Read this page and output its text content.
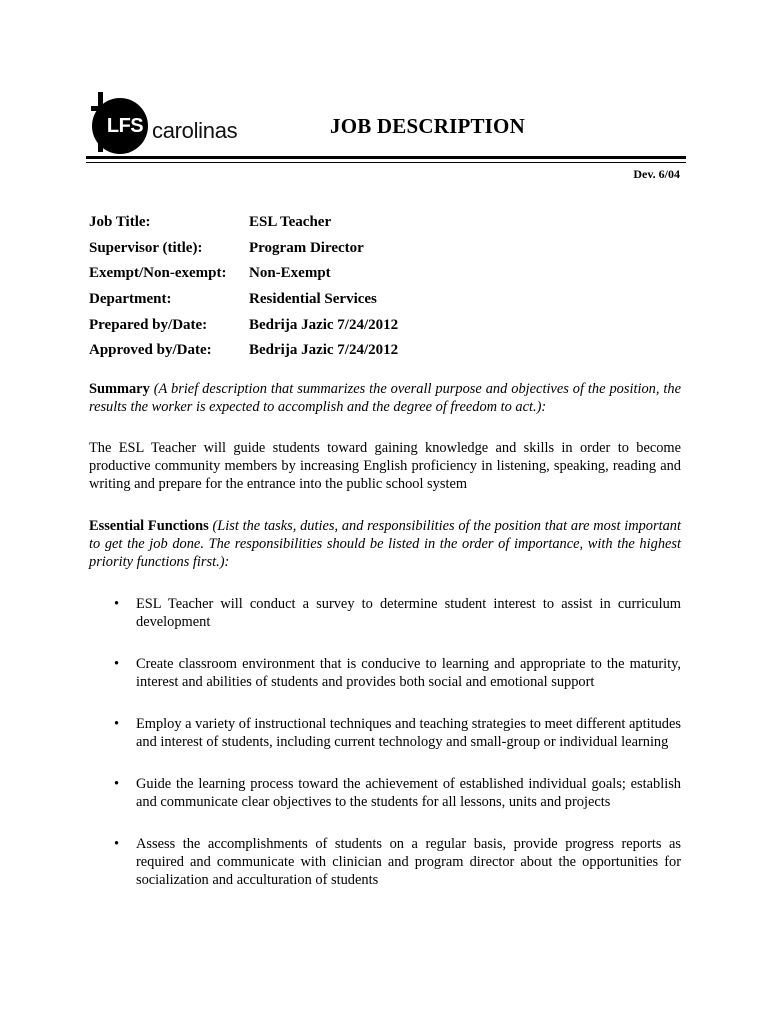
LFS carolinas	JOB DESCRIPTION
Dev. 6/04
Job Title:	ESL Teacher
Supervisor (title):	Program Director
Exempt/Non-exempt:	Non-Exempt
Department:	Residential Services
Prepared by/Date:	Bedrija Jazic 7/24/2012
Approved by/Date:	Bedrija Jazic 7/24/2012
Summary (A brief description that summarizes the overall purpose and objectives of the position, the results the worker is expected to accomplish and the degree of freedom to act.):
The ESL Teacher will guide students toward gaining knowledge and skills in order to become productive community members by increasing English proficiency in listening, speaking, reading and writing and prepare for the entrance into the public school system
Essential Functions (List the tasks, duties, and responsibilities of the position that are most important to get the job done. The responsibilities should be listed in the order of importance, with the highest priority functions first.):
• ESL Teacher will conduct a survey to determine student interest to assist in curriculum development
• Create classroom environment that is conducive to learning and appropriate to the maturity, interest and abilities of students and provides both social and emotional support
• Employ a variety of instructional techniques and teaching strategies to meet different aptitudes and interest of students, including current technology and small-group or individual learning
• Guide the learning process toward the achievement of established individual goals; establish and communicate clear objectives to the students for all lessons, units and projects
• Assess the accomplishments of students on a regular basis, provide progress reports as required and communicate with clinician and program director about the opportunities for socialization and acculturation of students
